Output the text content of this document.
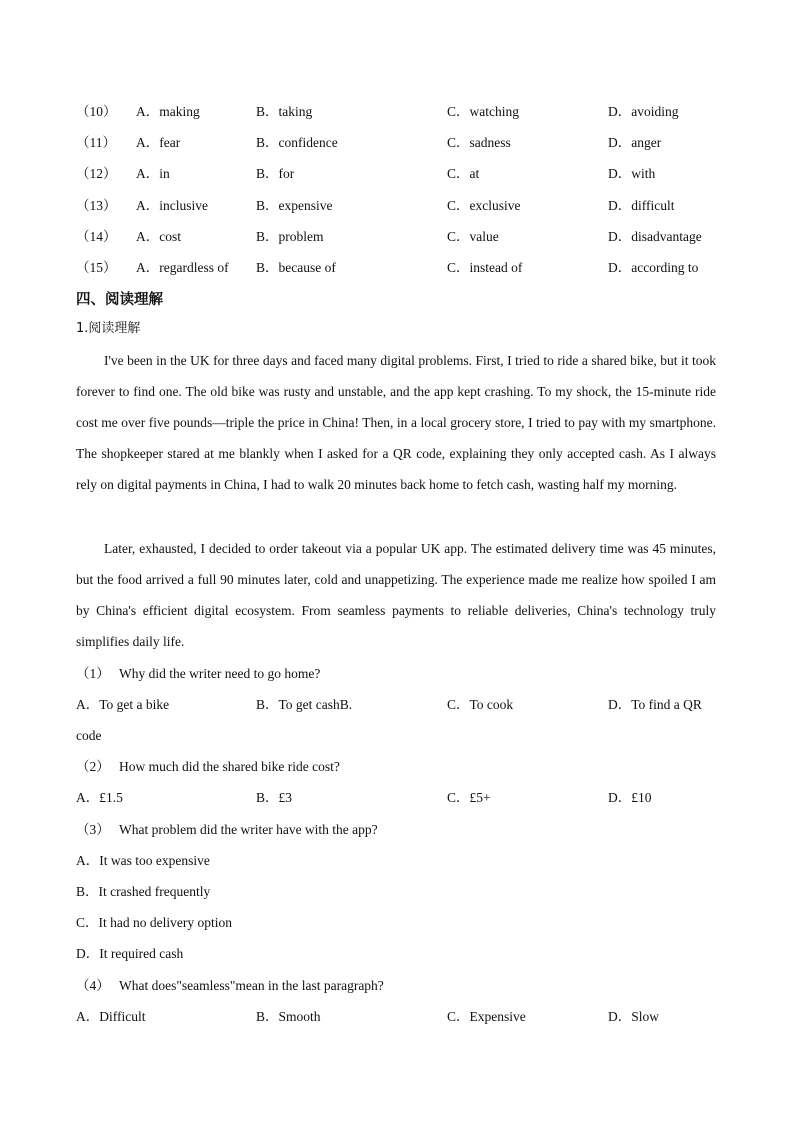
（10） A．making	B．taking	C．watching	D．avoiding
（11） A．fear	B．confidence	C．sadness	D．anger
（12） A．in	B．for	C．at	D．with
（13） A．inclusive	B．expensive	C．exclusive	D．difficult
（14） A．cost	B．problem	C．value	D．disadvantage
（15） A．regardless of B．because of	C．instead of	D．according to
四、阅读理解
1.阅读理解

I've been in the UK for three days and faced many digital problems. First, I tried to ride a shared bike, but it took forever to find one. The old bike was rusty and unstable, and the app kept crashing. To my shock, the 15-minute ride cost me over five pounds—triple the price in China! Then, in a local grocery store, I tried to pay with my smartphone. The shopkeeper stared at me blankly when I asked for a QR code, explaining they only accepted cash. As I always rely on digital payments in China, I had to walk 20 minutes back home to fetch cash, wasting half my morning.

Later, exhausted, I decided to order takeout via a popular UK app. The estimated delivery time was 45 minutes, but the food arrived a full 90 minutes later, cold and unappetizing. The experience made me realize how spoiled I am by China's efficient digital ecosystem. From seamless payments to reliable deliveries, China's technology truly simplifies daily life.

（1） Why did the writer need to go home?
A．To get a bike	B．To get cashB.	C．To cook	D．To find a QR
code
（2） How much did the shared bike ride cost?
A．£1.5	B．£3	C．£5+	D．£10
（3） What problem did the writer have with the app?
A．It was too expensive
B．It crashed frequently
C．It had no delivery option
D．It required cash
（4） What does"seamless"mean in the last paragraph?
A．Difficult	B．Smooth	C．Expensive	D．Slow
